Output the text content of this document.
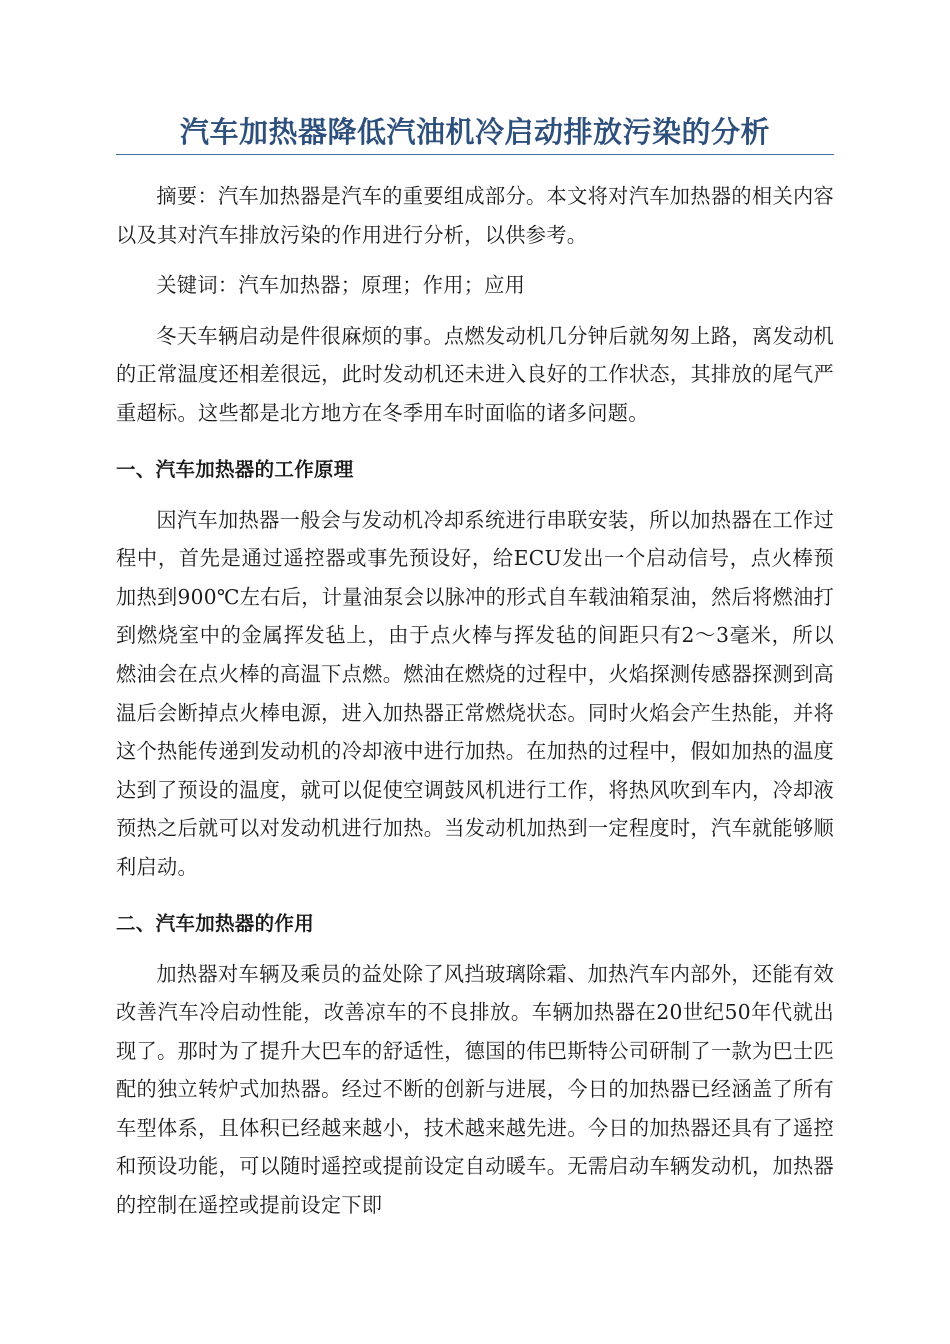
汽车加热器降低汽油机冷启动排放污染的分析

摘要：汽车加热器是汽车的重要组成部分。本文将对汽车加热器的相关内容以及其对汽车排放污染的作用进行分析，以供参考。

关键词：汽车加热器；原理；作用；应用

冬天车辆启动是件很麻烦的事。点燃发动机几分钟后就匆匆上路，离发动机的正常温度还相差很远，此时发动机还未进入良好的工作状态，其排放的尾气严重超标。这些都是北方地方在冬季用车时面临的诸多问题。

一、汽车加热器的工作原理

因汽车加热器一般会与发动机冷却系统进行串联安装，所以加热器在工作过程中，首先是通过遥控器或事先预设好，给ECU发出一个启动信号，点火棒预加热到900℃左右后，计量油泵会以脉冲的形式自车载油箱泵油，然后将燃油打到燃烧室中的金属挥发毡上，由于点火棒与挥发毡的间距只有2～3毫米，所以燃油会在点火棒的高温下点燃。燃油在燃烧的过程中，火焰探测传感器探测到高温后会断掉点火棒电源，进入加热器正常燃烧状态。同时火焰会产生热能，并将这个热能传递到发动机的冷却液中进行加热。在加热的过程中，假如加热的温度达到了预设的温度，就可以促使空调鼓风机进行工作，将热风吹到车内，冷却液预热之后就可以对发动机进行加热。当发动机加热到一定程度时，汽车就能够顺利启动。

二、汽车加热器的作用

加热器对车辆及乘员的益处除了风挡玻璃除霜、加热汽车内部外，还能有效改善汽车冷启动性能，改善凉车的不良排放。车辆加热器在20世纪50年代就出现了。那时为了提升大巴车的舒适性，德国的伟巴斯特公司研制了一款为巴士匹配的独立转炉式加热器。经过不断的创新与进展，今日的加热器已经涵盖了所有车型体系，且体积已经越来越小，技术越来越先进。今日的加热器还具有了遥控和预设功能，可以随时遥控或提前设定自动暖车。无需启动车辆发动机，加热器的控制在遥控或提前设定下即
